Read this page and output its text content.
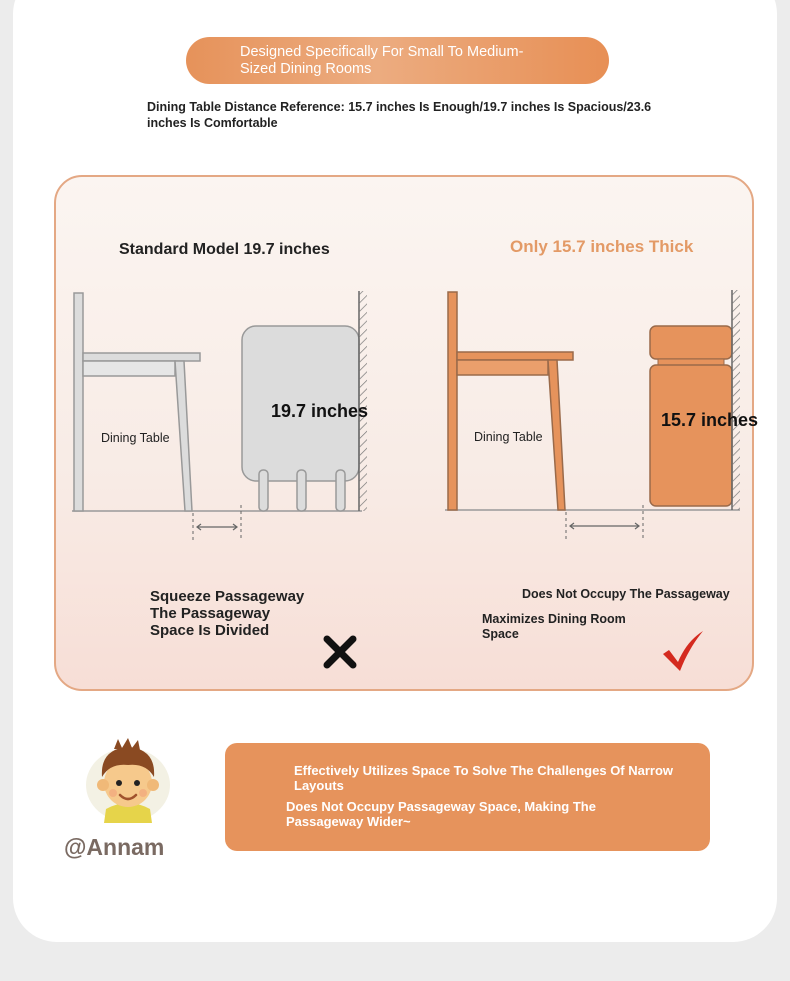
Designed Specifically For Small To Medium-Sized Dining Rooms
Dining Table Distance Reference: 15.7 inches Is Enough/19.7 inches Is Spacious/23.6 inches Is Comfortable
Standard Model 19.7 inches	Only 15.7 inches Thick
Dining Table	Dining Table
19.7 inches	15.7 inches
Squeeze Passageway
The Passageway
Space Is Divided
Does Not Occupy The Passageway
Maximizes Dining Room Space
@Annam
Effectively Utilizes Space To Solve The Challenges Of Narrow Layouts
Does Not Occupy Passageway Space, Making The Passageway Wider~
